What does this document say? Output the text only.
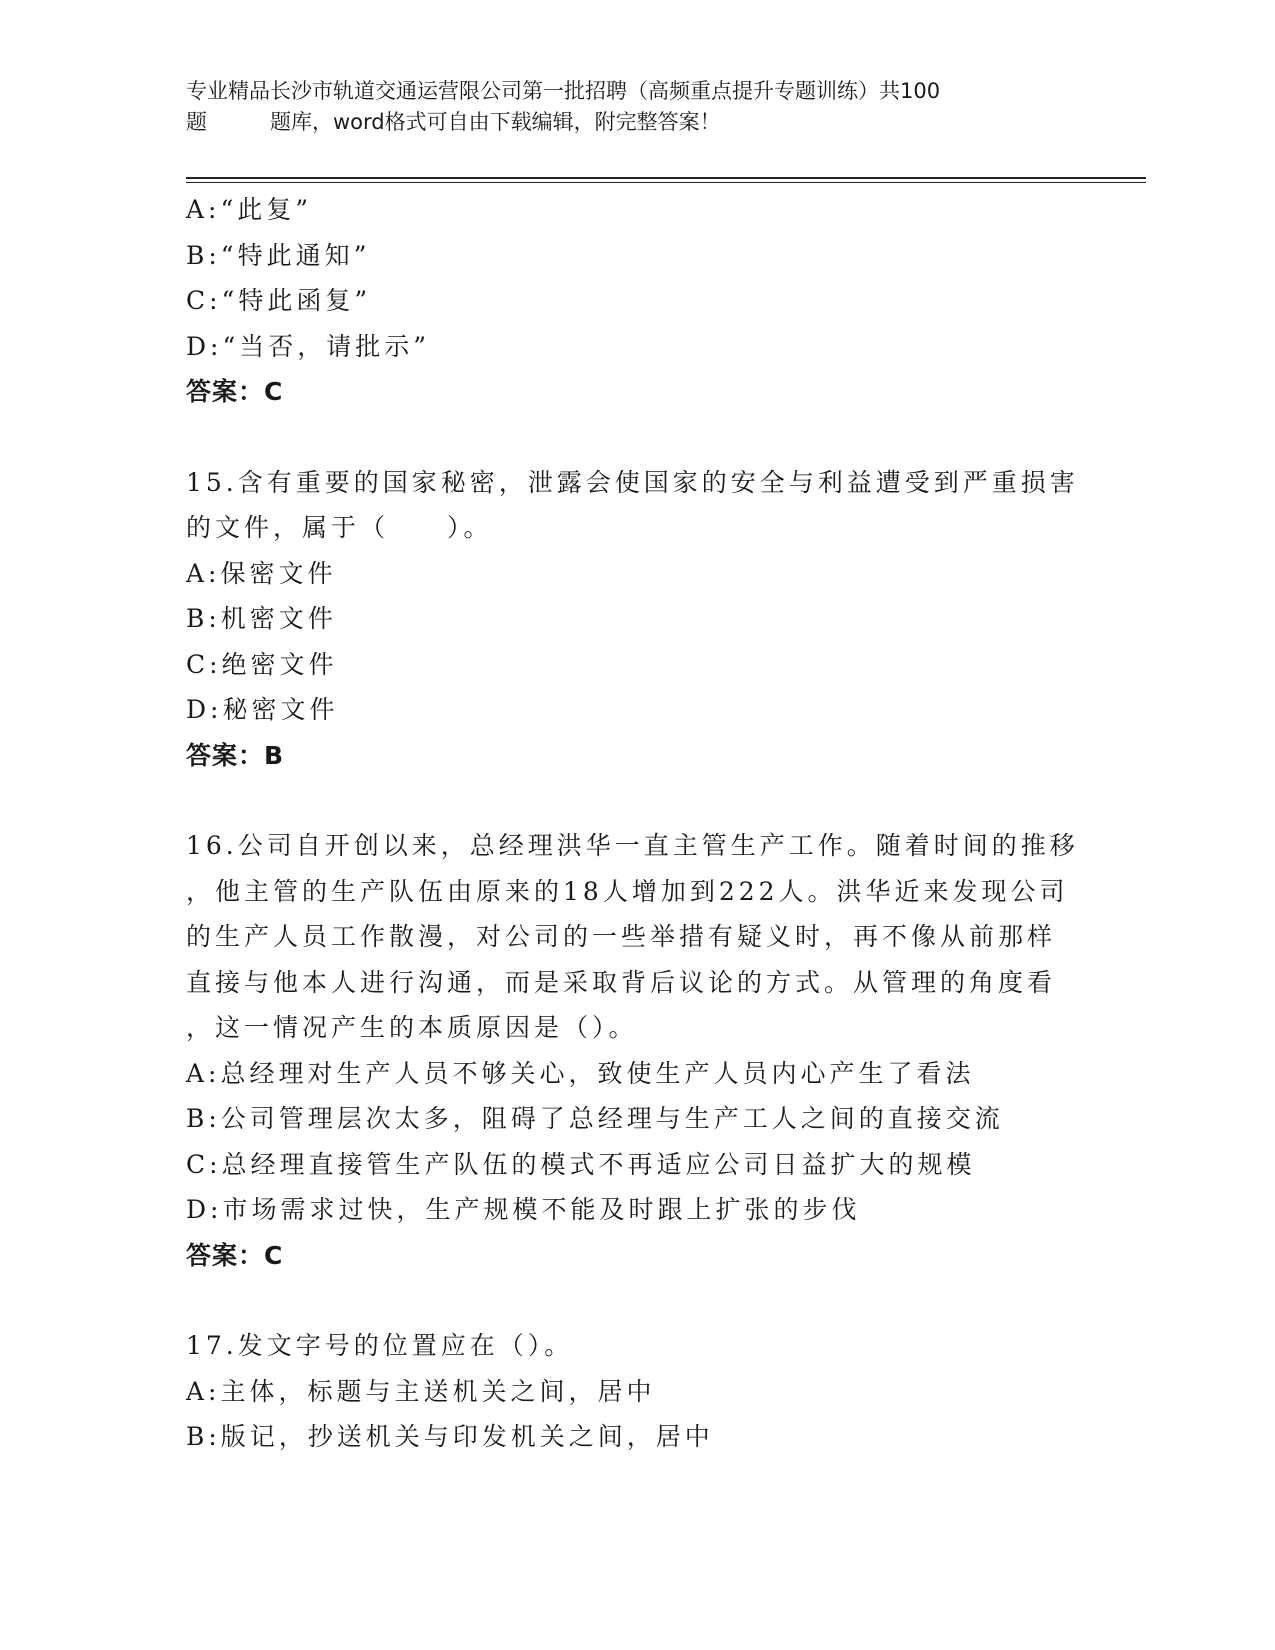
专业精品长沙市轨道交通运营限公司第一批招聘（高频重点提升专题训练）共100
题　　　题库，word格式可自由下载编辑，附完整答案！
A:“此复”
B:“特此通知”
C:“特此函复”
D:“当否，请批示”
答案：C
15.含有重要的国家秘密，泄露会使国家的安全与利益遭受到严重损害
的文件，属于（　　）。
A:保密文件
B:机密文件
C:绝密文件
D:秘密文件
答案：B
16.公司自开创以来，总经理洪华一直主管生产工作。随着时间的推移
，他主管的生产队伍由原来的18人增加到222人。洪华近来发现公司
的生产人员工作散漫，对公司的一些举措有疑义时，再不像从前那样
直接与他本人进行沟通，而是采取背后议论的方式。从管理的角度看
，这一情况产生的本质原因是（）。
A:总经理对生产人员不够关心，致使生产人员内心产生了看法
B:公司管理层次太多，阻碍了总经理与生产工人之间的直接交流
C:总经理直接管生产队伍的模式不再适应公司日益扩大的规模
D:市场需求过快，生产规模不能及时跟上扩张的步伐
答案：C
17.发文字号的位置应在（）。
A:主体，标题与主送机关之间，居中
B:版记，抄送机关与印发机关之间，居中
